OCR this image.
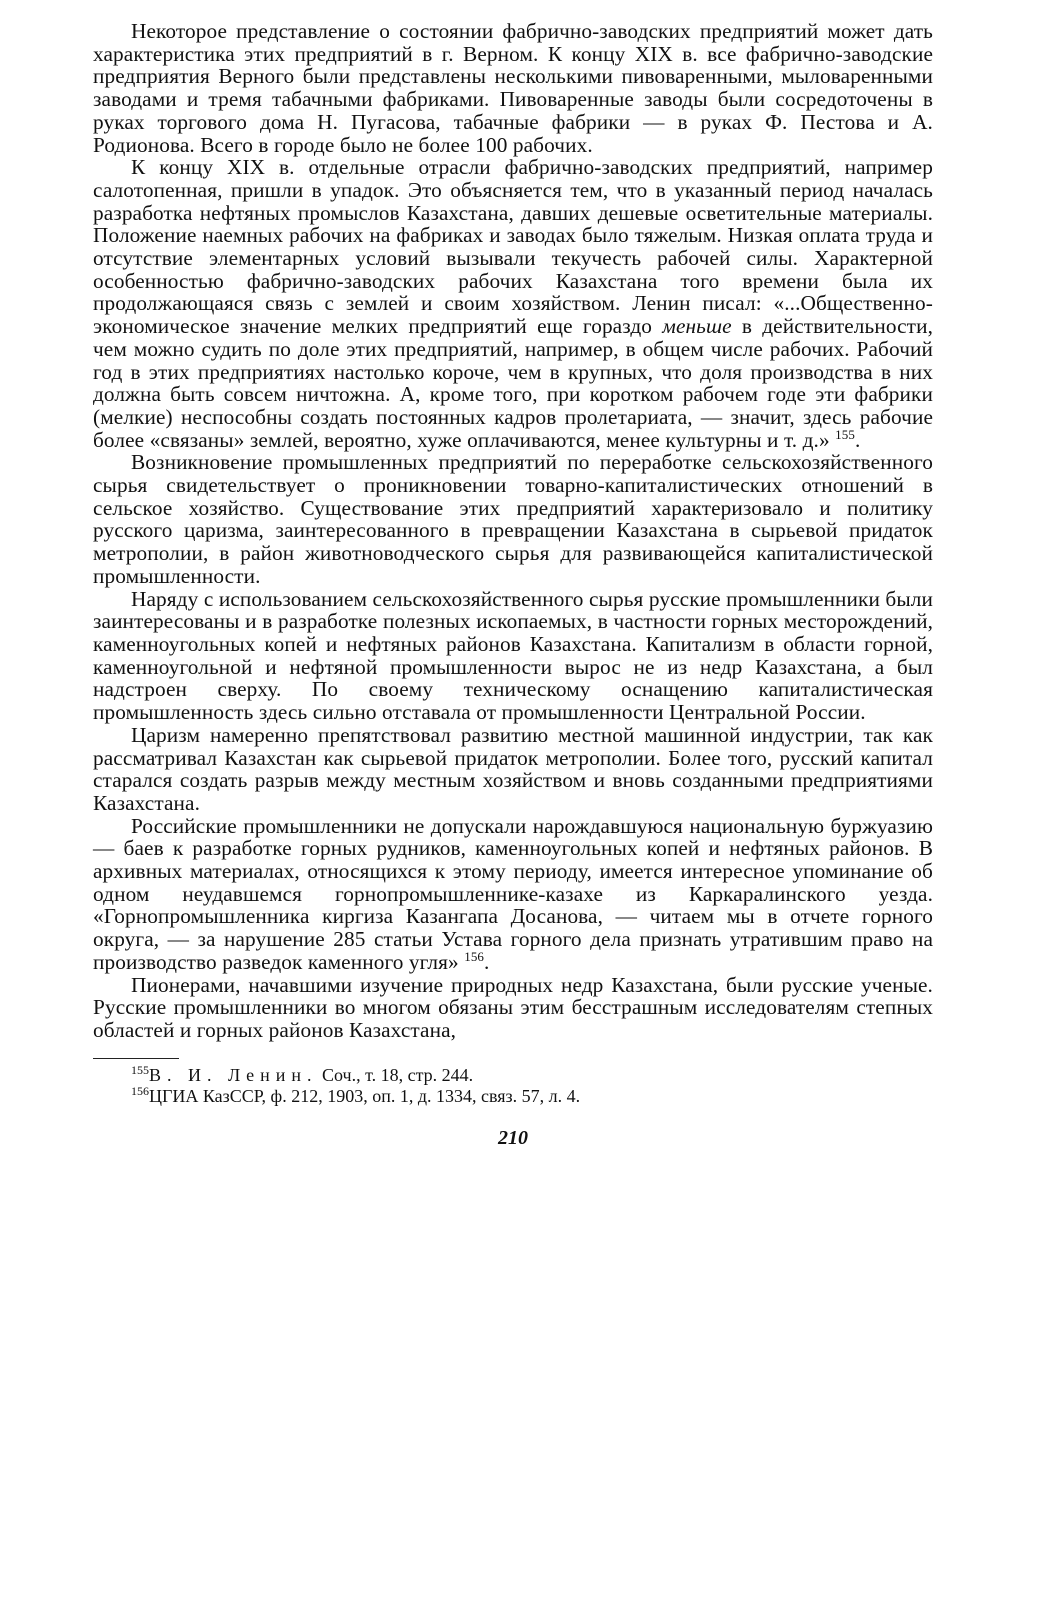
Некоторое представление о состоянии фабрично-заводских предприятий может дать характеристика этих предприятий в г. Верном. К концу XIX в. все фабрично-заводские предприятия Верного были представлены несколькими пивоваренными, мыловаренными заводами и тремя табачными фабриками. Пивоваренные заводы были сосредоточены в руках торгового дома Н. Пугасова, табачные фабрики — в руках Ф. Пестова и А. Родионова. Всего в городе было не более 100 рабочих.

К концу XIX в. отдельные отрасли фабрично-заводских предприятий, например салотопенная, пришли в упадок. Это объясняется тем, что в указанный период началась разработка нефтяных промыслов Казахстана, давших дешевые осветительные материалы. Положение наемных рабочих на фабриках и заводах было тяжелым. Низкая оплата труда и отсутствие элементарных условий вызывали текучесть рабочей силы. Характерной особенностью фабрично-заводских рабочих Казахстана того времени была их продолжающаяся связь с землей и своим хозяйством. Ленин писал: «...Общественно-экономическое значение мелких предприятий еще гораздо меньше в действительности, чем можно судить по доле этих предприятий, например, в общем числе рабочих. Рабочий год в этих предприятиях настолько короче, чем в крупных, что доля производства в них должна быть совсем ничтожна. А, кроме того, при коротком рабочем годе эти фабрики (мелкие) неспособны создать постоянных кадров пролетариата, — значит, здесь рабочие более «связаны» землей, вероятно, хуже оплачиваются, менее культурны и т. д.» $^{155}$.

Возникновение промышленных предприятий по переработке сельскохозяйственного сырья свидетельствует о проникновении товарно-капиталистических отношений в сельское хозяйство. Существование этих предприятий характеризовало и политику русского царизма, заинтересованного в превращении Казахстана в сырьевой придаток метрополии, в район животноводческого сырья для развивающейся капиталистической промышленности.

Наряду с использованием сельскохозяйственного сырья русские промышленники были заинтересованы и в разработке полезных ископаемых, в частности горных месторождений, каменноугольных копей и нефтяных районов Казахстана. Капитализм в области горной, каменноугольной и нефтяной промышленности вырос не из недр Казахстана, а был надстроен сверху. По своему техническому оснащению капиталистическая промышленность здесь сильно отставала от промышленности Центральной России.

Царизм намеренно препятствовал развитию местной машинной индустрии, так как рассматривал Казахстан как сырьевой придаток метрополии. Более того, русский капитал старался создать разрыв между местным хозяйством и вновь созданными предприятиями Казахстана.

Российские промышленники не допускали нарождавшуюся национальную буржуазию — баев к разработке горных рудников, каменноугольных копей и нефтяных районов. В архивных материалах, относящихся к этому периоду, имеется интересное упоминание об одном неудавшемся горнопромышленнике-казахе из Каркаралинского уезда. «Горнопромышленника киргиза Казангапа Досанова, — читаем мы в отчете горного округа, — за нарушение 285 статьи Устава горного дела признать утратившим право на производство разведок каменного угля» $^{156}$.

Пионерами, начавшими изучение природных недр Казахстана, были русские ученые. Русские промышленники во многом обязаны этим бесстрашным исследователям степных областей и горных районов Казахстана,

$^{155}$В. И. Ленин. Соч., т. 18, стр. 244.

$^{156}$ЦГИА КазССР, ф. 212, 1903, оп. 1, д. 1334, связ. 57, л. 4.

210
